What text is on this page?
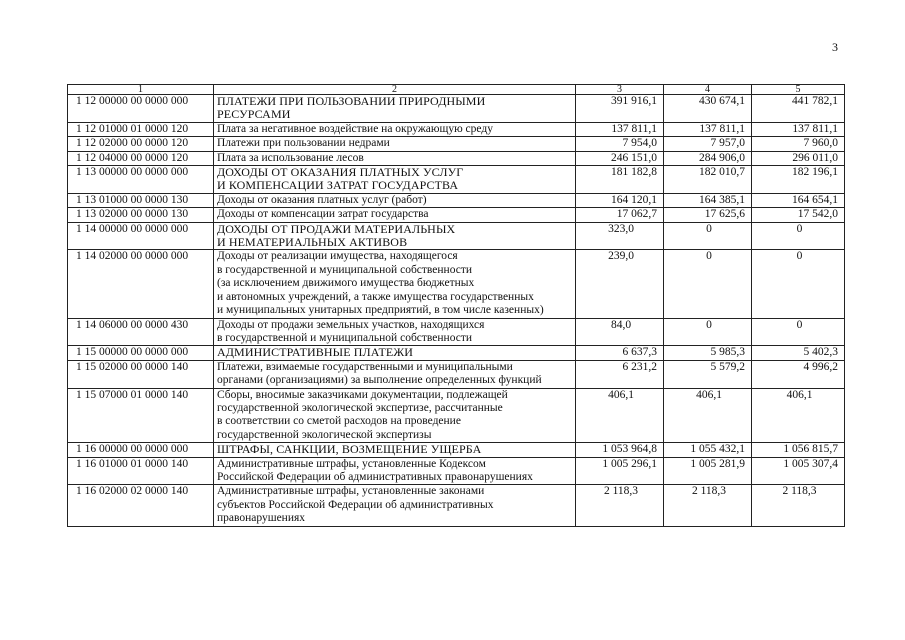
3
1	2	3	4	5
1 12 00000 00 0000 000	ПЛАТЕЖИ ПРИ ПОЛЬЗОВАНИИ ПРИРОДНЫМИ
РЕСУРСАМИ	391 916,1	430 674,1	441 782,1
1 12 01000 01 0000 120	Плата за негативное воздействие на окружающую среду	137 811,1	137 811,1	137 811,1
1 12 02000 00 0000 120	Платежи при пользовании недрами	7 954,0	7 957,0	7 960,0
1 12 04000 00 0000 120	Плата за использование лесов	246 151,0	284 906,0	296 011,0
1 13 00000 00 0000 000	ДОХОДЫ ОТ ОКАЗАНИЯ ПЛАТНЫХ УСЛУГ
И КОМПЕНСАЦИИ ЗАТРАТ ГОСУДАРСТВА	181 182,8	182 010,7	182 196,1
1 13 01000 00 0000 130	Доходы от оказания платных услуг (работ)	164 120,1	164 385,1	164 654,1
1 13 02000 00 0000 130	Доходы от компенсации затрат государства	17 062,7	17 625,6	17 542,0
1 14 00000 00 0000 000	ДОХОДЫ ОТ ПРОДАЖИ МАТЕРИАЛЬНЫХ
И НЕМАТЕРИАЛЬНЫХ АКТИВОВ	323,0	0	0
1 14 02000 00 0000 000	Доходы от реализации имущества, находящегося
в государственной и муниципальной собственности
(за исключением движимого имущества бюджетных
и автономных учреждений, а также имущества государственных
и муниципальных унитарных предприятий, в том числе казенных)	239,0	0	0
1 14 06000 00 0000 430	Доходы от продажи земельных участков, находящихся
в государственной и муниципальной собственности	84,0	0	0
1 15 00000 00 0000 000	АДМИНИСТРАТИВНЫЕ ПЛАТЕЖИ	6 637,3	5 985,3	5 402,3
1 15 02000 00 0000 140	Платежи, взимаемые государственными и муниципальными
органами (организациями) за выполнение определенных функций	6 231,2	5 579,2	4 996,2
1 15 07000 01 0000 140	Сборы, вносимые заказчиками документации, подлежащей
государственной экологической экспертизе, рассчитанные
в соответствии со сметой расходов на проведение
государственной экологической экспертизы	406,1	406,1	406,1
1 16 00000 00 0000 000	ШТРАФЫ, САНКЦИИ, ВОЗМЕЩЕНИЕ УЩЕРБА	1 053 964,8	1 055 432,1	1 056 815,7
1 16 01000 01 0000 140	Административные штрафы, установленные Кодексом
Российской Федерации об административных правонарушениях	1 005 296,1	1 005 281,9	1 005 307,4
1 16 02000 02 0000 140	Административные штрафы, установленные законами
субъектов Российской Федерации об административных
правонарушениях	2 118,3	2 118,3	2 118,3
